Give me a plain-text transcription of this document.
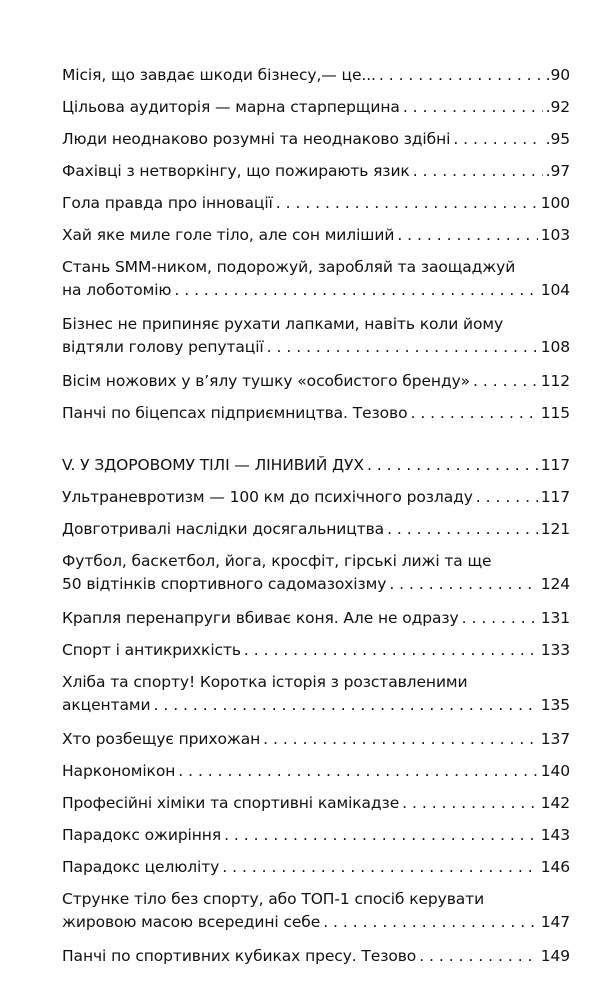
Місія, що завдає шкоди бізнесу,— це... . . .	.90
Цільова аудиторія — марна старперщина . . .	.92
Люди неоднаково розумні та неоднаково здібні . . .	.95
Фахівці з нетворкінгу, що пожирають язик . . .	.97
Гола правда про інновації . . .	100
Хай яке миле голе тіло, але сон миліший . . .	103
Стань SMM-ником, подорожуй, заробляй та заощаджуй
на лоботомію . . .	104
Бізнес не припиняє рухати лапками, навіть коли йому
відтяли голову репутації . . .	108
Вісім ножових у в’ялу тушку «особистого бренду» . . .	112
Панчі по біцепсах підприємництва. Тезово . . .	115
V. У ЗДОРОВОМУ ТІЛІ — ЛІНИВИЙ ДУХ . . .	117
Ультраневротизм — 100 км до психічного розладу . . .	117
Довготривалі наслідки досягальництва . . .	121
Футбол, баскетбол, йога, кросфіт, гірські лижі та ще
50 відтінків спортивного садомазохізму . . .	124
Крапля перенапруги вбиває коня. Але не одразу . . .	131
Спорт і антикрихкість . . .	133
Хліба та спорту! Коротка історія з розставленими
акцентами . . .	135
Хто розбещує прихожан . . .	137
Наркономікон . . .	140
Професійні хіміки та спортивні камікадзе . . .	142
Парадокс ожиріння . . .	143
Парадокс целюліту . . .	146
Струнке тіло без спорту, або ТОП-1 спосіб керувати
жировою масою всередині себе . . .	147
Панчі по спортивних кубиках пресу. Тезово . . .	149
